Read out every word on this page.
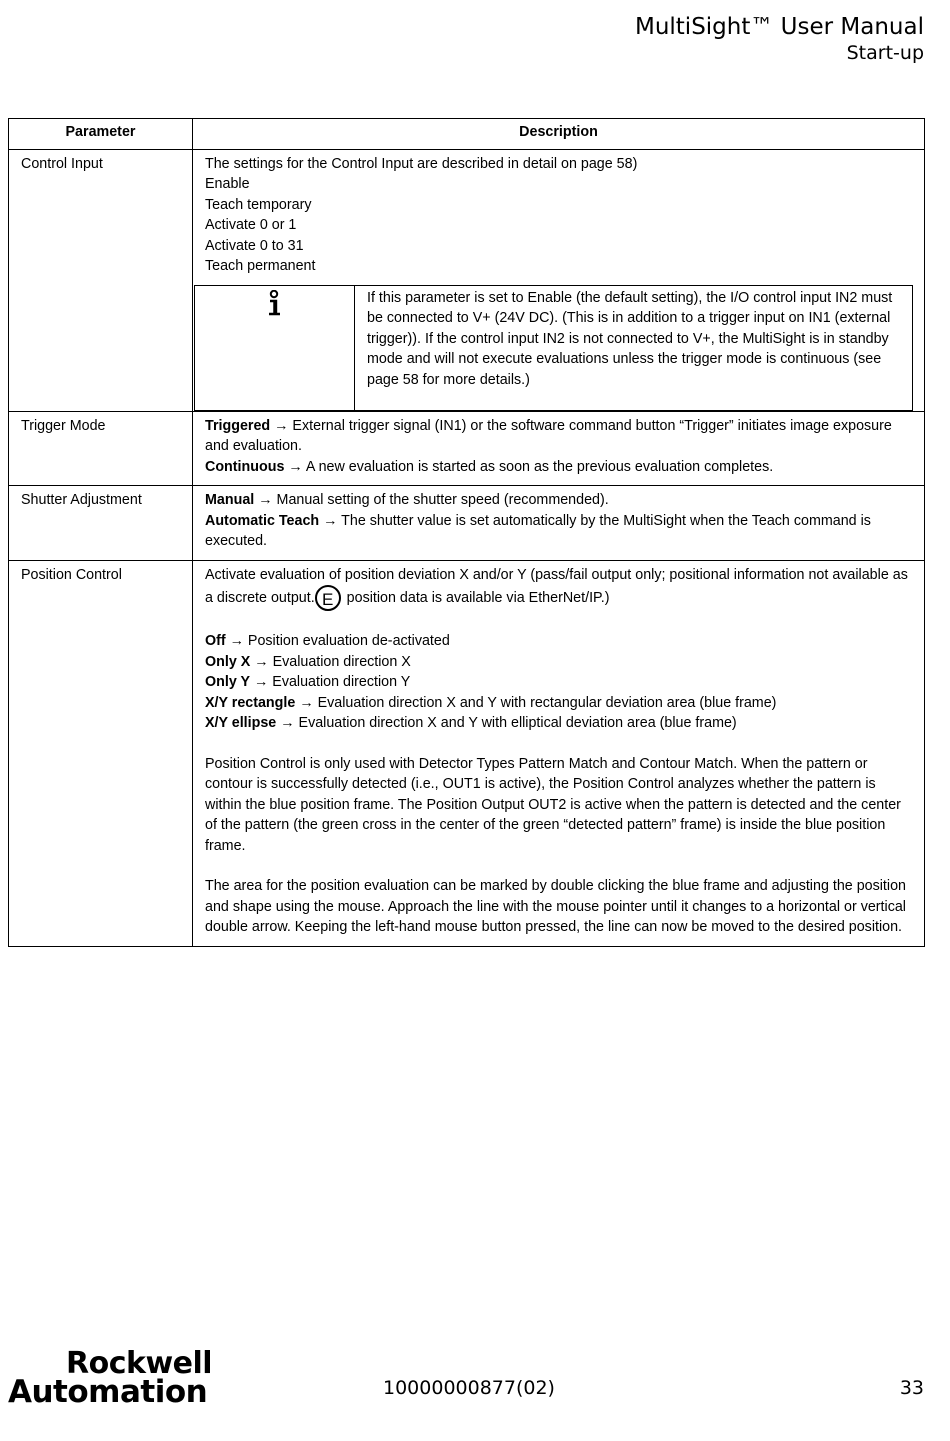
MultiSight™ User Manual
Start-up
Parameter	Description
Control Input	The settings for the Control Input are described in detail on page 58)
Enable
Teach temporary
Activate 0 or 1
Activate 0 to 31
Teach permanent
	If this parameter is set to Enable (the default setting), the I/O control input IN2 must be connected to V+ (24V DC). (This is in addition to a trigger input on IN1 (external trigger)). If the control input IN2 is not connected to V+, the MultiSight is in standby mode and will not execute evaluations unless the trigger mode is continuous (see page 58 for more details.)

Trigger Mode	Triggered → External trigger signal (IN1) or the software command button “Trigger” initiates image exposure and evaluation.
Continuous → A new evaluation is started as soon as the previous evaluation completes.

Shutter Adjustment	Manual → Manual setting of the shutter speed (recommended).
Automatic Teach → The shutter value is set automatically by the MultiSight when the Teach command is executed.

Position Control	Activate evaluation of position deviation X and/or Y (pass/fail output only; positional information not available as a discrete output. E position data is available via EtherNet/IP.)
Off → Position evaluation de-activated
Only X → Evaluation direction X
Only Y → Evaluation direction Y
X/Y rectangle → Evaluation direction X and Y with rectangular deviation area (blue frame)
X/Y ellipse → Evaluation direction X and Y with elliptical deviation area (blue frame)
Position Control is only used with Detector Types Pattern Match and Contour Match. When the pattern or contour is successfully detected (i.e., OUT1 is active), the Position Control analyzes whether the pattern is within the blue position frame. The Position Output OUT2 is active when the pattern is detected and the center of the pattern (the green cross in the center of the green “detected pattern” frame) is inside the blue position frame.
The area for the position evaluation can be marked by double clicking the blue frame and adjusting the position and shape using the mouse. Approach the line with the mouse pointer until it changes to a horizontal or vertical double arrow. Keeping the left-hand mouse button pressed, the line can now be moved to the desired position.
Rockwell
Automation	10000000877(02)	33
